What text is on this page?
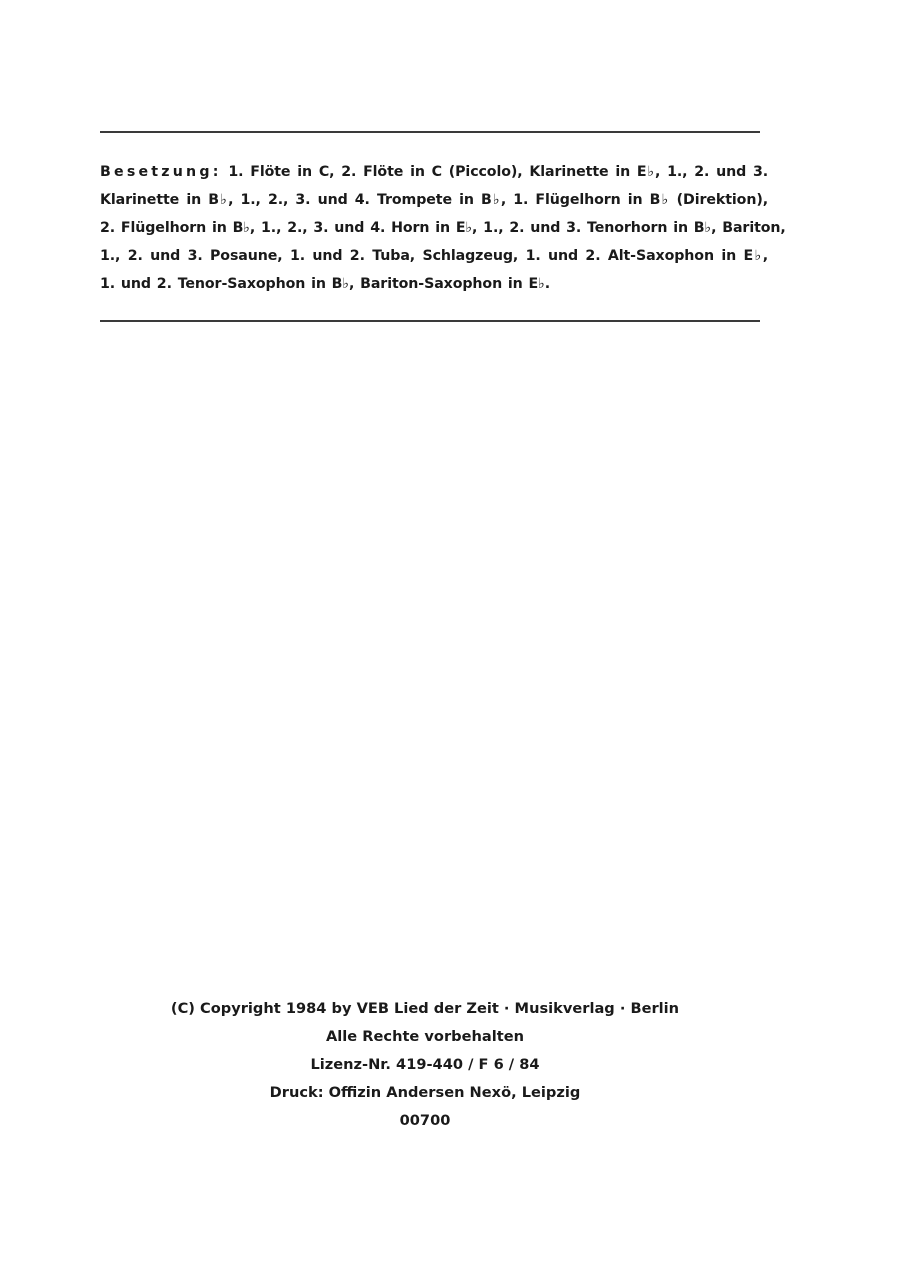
Besetzung: 1. Flöte in C, 2. Flöte in C (Piccolo), Klarinette in E♭, 1., 2. und 3.
Klarinette in B♭, 1., 2., 3. und 4. Trompete in B♭, 1. Flügelhorn in B♭ (Direktion),
2. Flügelhorn in B♭, 1., 2., 3. und 4. Horn in E♭, 1., 2. und 3. Tenorhorn in B♭, Bariton,
1., 2. und 3. Posaune, 1. und 2. Tuba, Schlagzeug, 1. und 2. Alt-Saxophon in E♭,
1. und 2. Tenor-Saxophon in B♭, Bariton-Saxophon in E♭.
(C) Copyright 1984 by VEB Lied der Zeit · Musikverlag · Berlin
Alle Rechte vorbehalten
Lizenz-Nr. 419-440 / F 6 / 84
Druck: Offizin Andersen Nexö, Leipzig
00700
